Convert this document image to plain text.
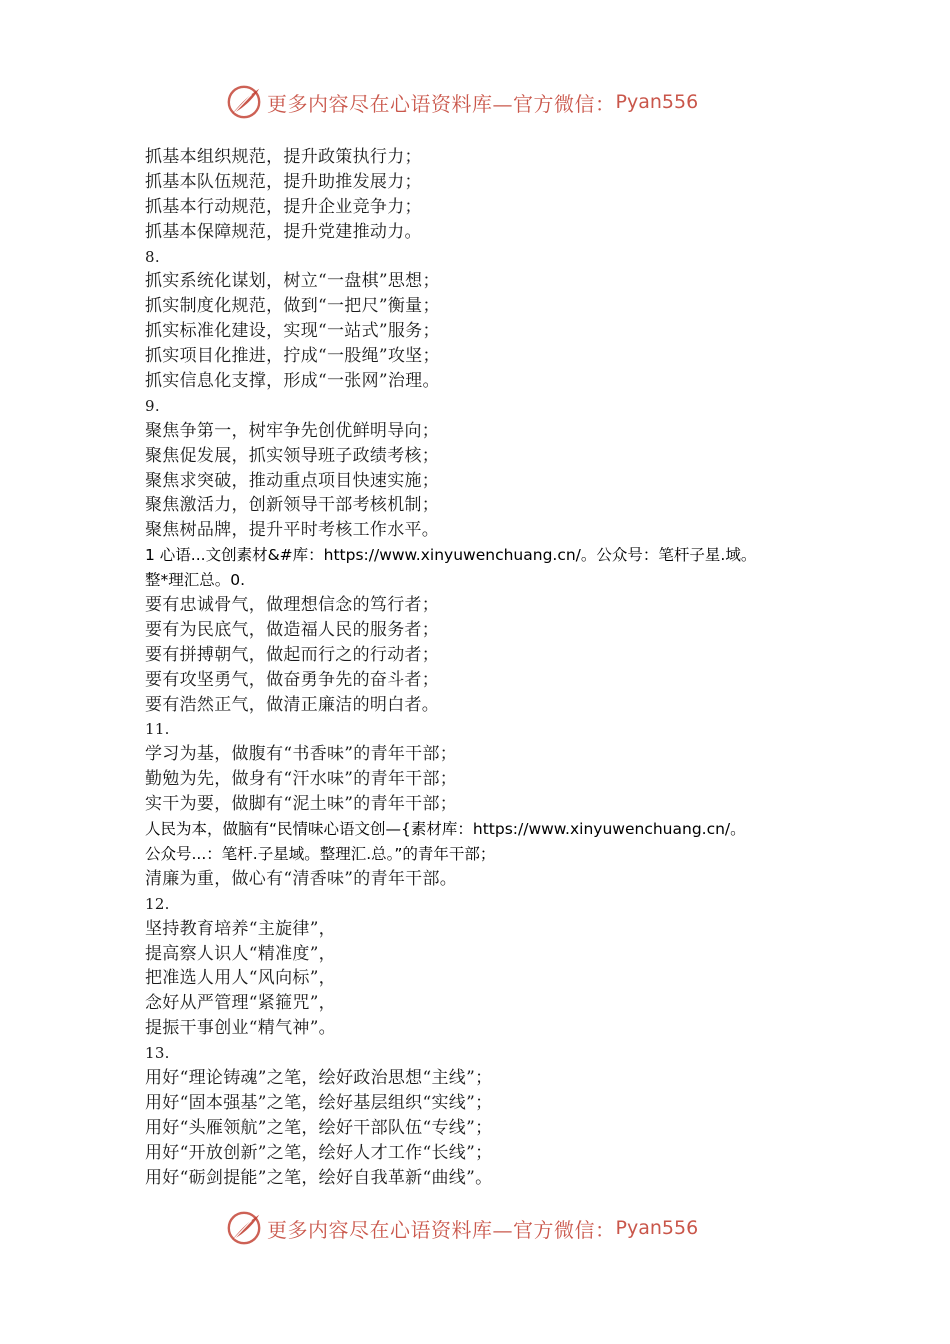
更多内容尽在心语资料库—官方微信： Pyan556
抓基本组织规范，提升政策执行力；
抓基本队伍规范，提升助推发展力；
抓基本行动规范，提升企业竞争力；
抓基本保障规范，提升党建推动力。
8.
抓实系统化谋划，树立“一盘棋”思想；
抓实制度化规范，做到“一把尺”衡量；
抓实标准化建设，实现“一站式”服务；
抓实项目化推进，拧成“一股绳”攻坚；
抓实信息化支撑，形成“一张网”治理。
9.
聚焦争第一，树牢争先创优鲜明导向；
聚焦促发展，抓实领导班子政绩考核；
聚焦求突破，推动重点项目快速实施；
聚焦激活力，创新领导干部考核机制；
聚焦树品牌，提升平时考核工作水平。
1 心语...文创素材&#库：https://www.xinyuwenchuang.cn/。公众号：笔杆子星.域。
整*理汇总。0.
要有忠诚骨气，做理想信念的笃行者；
要有为民底气，做造福人民的服务者；
要有拼搏朝气，做起而行之的行动者；
要有攻坚勇气，做奋勇争先的奋斗者；
要有浩然正气，做清正廉洁的明白者。
11.
学习为基，做腹有“书香味”的青年干部；
勤勉为先，做身有“汗水味”的青年干部；
实干为要，做脚有“泥土味”的青年干部；
人民为本，做脑有“民情味心语文创—{素材库：https://www.xinyuwenchuang.cn/。
公众号...：笔杆.子星域。整理汇.总。”的青年干部；
清廉为重，做心有“清香味”的青年干部。
12.
坚持教育培养“主旋律”，
提高察人识人“精准度”，
把准选人用人“风向标”，
念好从严管理“紧箍咒”，
提振干事创业“精气神”。
13.
用好“理论铸魂”之笔，绘好政治思想“主线”；
用好“固本强基”之笔，绘好基层组织“实线”；
用好“头雁领航”之笔，绘好干部队伍“专线”；
用好“开放创新”之笔，绘好人才工作“长线”；
用好“砺剑提能”之笔，绘好自我革新“曲线”。
更多内容尽在心语资料库—官方微信： Pyan556
